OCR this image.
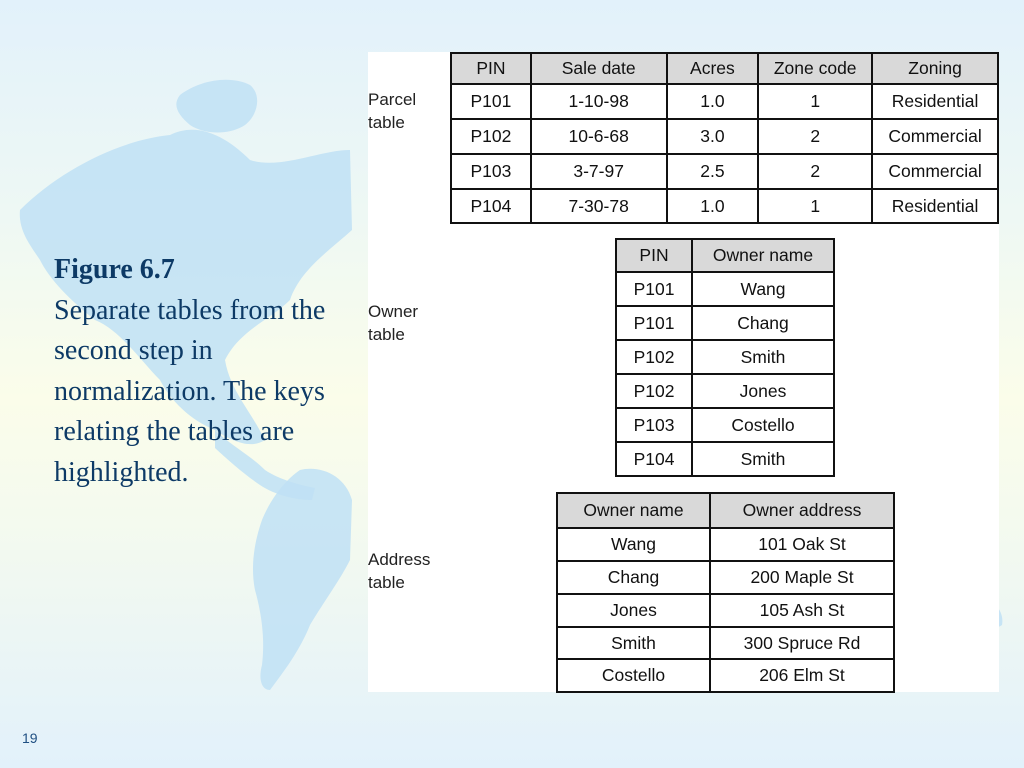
Figure 6.7
Separate tables from the second step in normalization. The keys relating the tables are highlighted.
19
Parcel
table
PIN	Sale date	Acres	Zone code	Zoning
P101	1-10-98	1.0	1	Residential
P102	10-6-68	3.0	2	Commercial
P103	3-7-97	2.5	2	Commercial
P104	7-30-78	1.0	1	Residential
Owner
table
PIN	Owner name
P101	Wang
P101	Chang
P102	Smith
P102	Jones
P103	Costello
P104	Smith
Address
table
Owner name	Owner address
Wang	101 Oak St
Chang	200 Maple St
Jones	105 Ash St
Smith	300 Spruce Rd
Costello	206 Elm St
